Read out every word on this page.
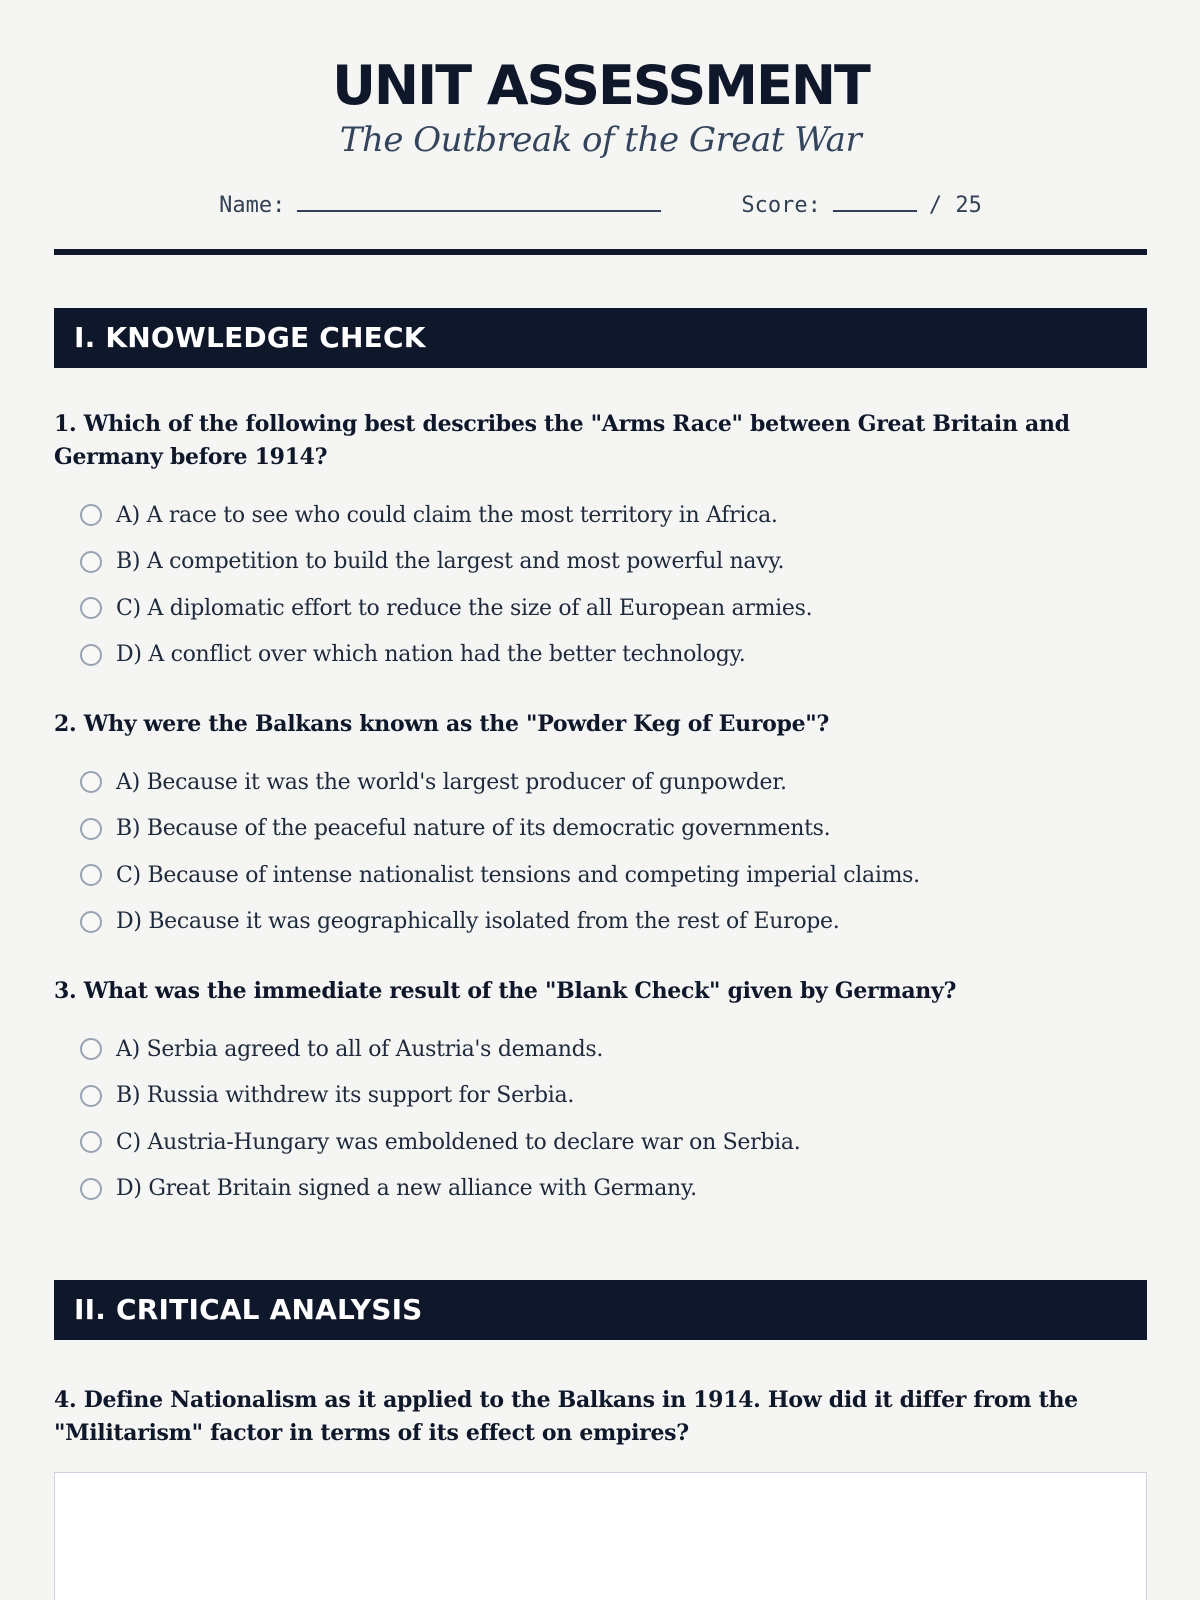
UNIT ASSESSMENT
The Outbreak of the Great War
Name:	Score:	/ 25
I. KNOWLEDGE CHECK

1. Which of the following best describes the "Arms Race" between Great Britain and Germany before 1914?

A) A race to see who could claim the most territory in Africa.
B) A competition to build the largest and most powerful navy.
C) A diplomatic effort to reduce the size of all European armies.
D) A conflict over which nation had the better technology.

2. Why were the Balkans known as the "Powder Keg of Europe"?

A) Because it was the world's largest producer of gunpowder.
B) Because of the peaceful nature of its democratic governments.
C) Because of intense nationalist tensions and competing imperial claims.
D) Because it was geographically isolated from the rest of Europe.

3. What was the immediate result of the "Blank Check" given by Germany?

A) Serbia agreed to all of Austria's demands.
B) Russia withdrew its support for Serbia.
C) Austria-Hungary was emboldened to declare war on Serbia.
D) Great Britain signed a new alliance with Germany.
II. CRITICAL ANALYSIS

4. Define Nationalism as it applied to the Balkans in 1914. How did it differ from the "Militarism" factor in terms of its effect on empires?
